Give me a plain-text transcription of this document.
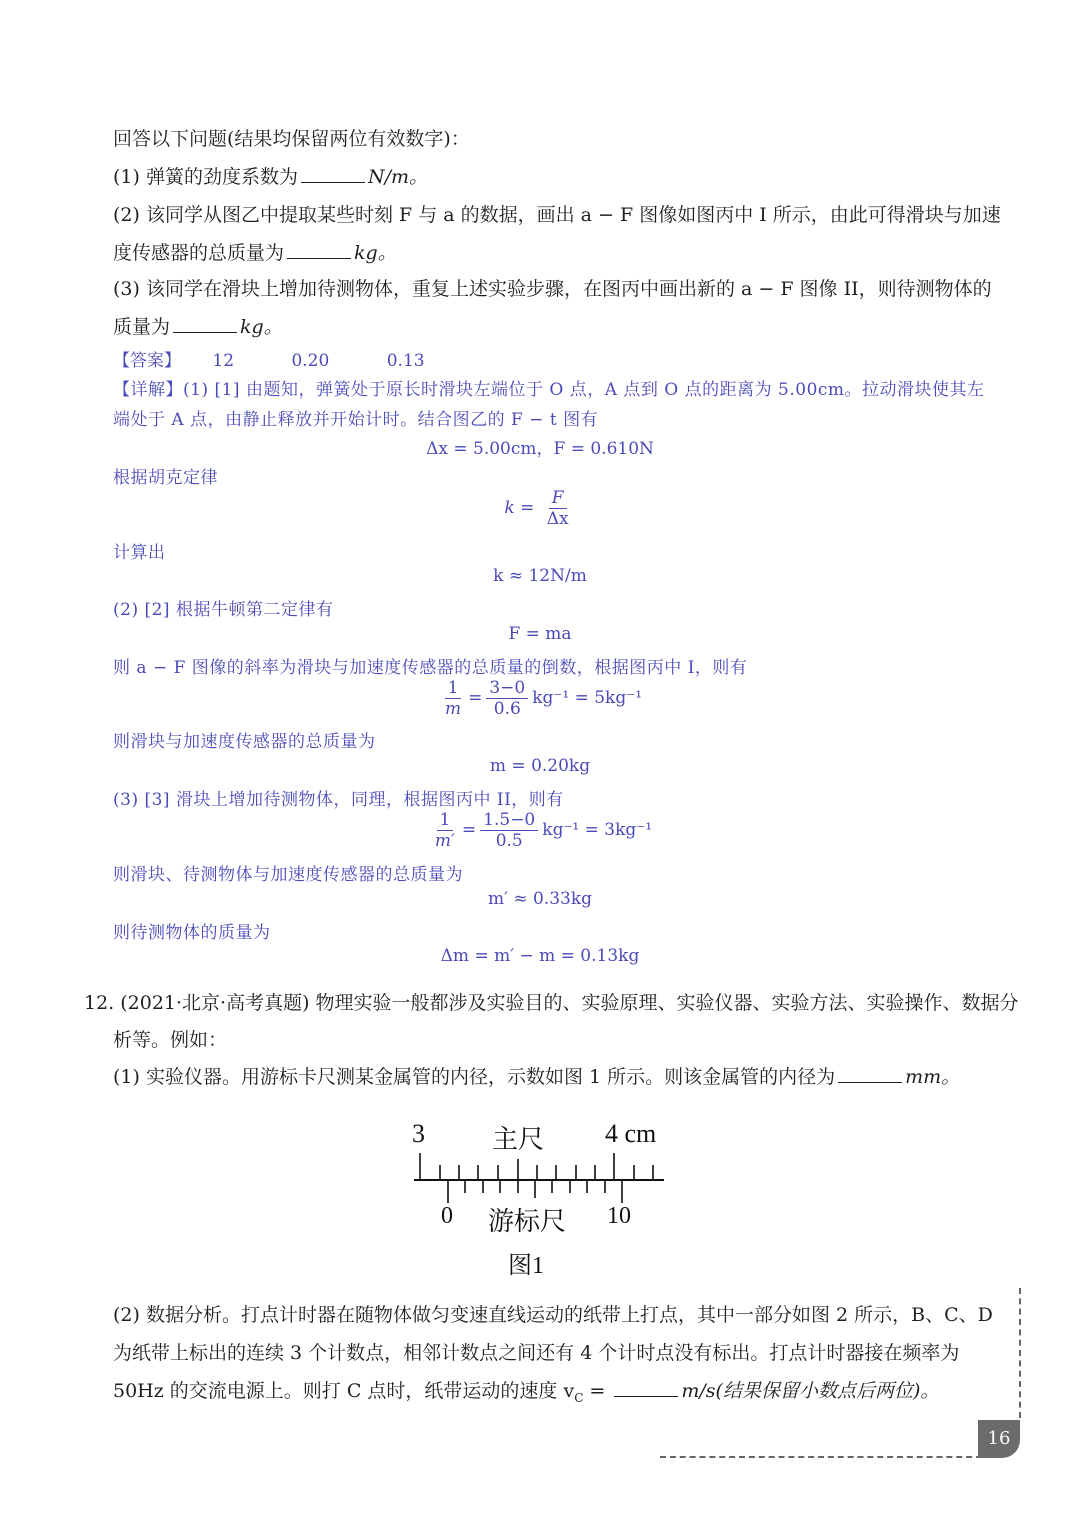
回答以下问题(结果均保留两位有效数字)：
(1) 弹簧的劲度系数为	N/m。
(2) 该同学从图乙中提取某些时刻 F 与 a 的数据，画出 a − F 图像如图丙中 I 所示，由此可得滑块与加速
度传感器的总质量为	kg。
(3) 该同学在滑块上增加待测物体，重复上述实验步骤，在图丙中画出新的 a − F 图像 II，则待测物体的
质量为	kg。
【答案】 12	0.20	0.13
【详解】(1) [1] 由题知，弹簧处于原长时滑块左端位于 O 点，A 点到 O 点的距离为 5.00cm。拉动滑块使其左
端处于 A 点，由静止释放并开始计时。结合图乙的 F − t 图有
Δx = 5.00cm，F = 0.610N
根据胡克定律
$k = \frac{F}{\Delta x}$
计算出
k ≈ 12N/m
(2) [2] 根据牛顿第二定律有
F = ma
则 a − F 图像的斜率为滑块与加速度传感器的总质量的倒数，根据图丙中 I，则有
$\frac{1}{m} = \frac{3-0}{0.6} kg^{-1} = 5kg^{-1}$
则滑块与加速度传感器的总质量为
m = 0.20kg
(3) [3] 滑块上增加待测物体，同理，根据图丙中 II，则有
$\frac{1}{m'} = \frac{1.5-0}{0.5} kg^{-1} = 3kg^{-1}$
则滑块、待测物体与加速度传感器的总质量为
m′ ≈ 0.33kg
则待测物体的质量为
Δm = m′ − m = 0.13kg
12. (2021·北京·高考真题) 物理实验一般都涉及实验目的、实验原理、实验仪器、实验方法、实验操作、数据分
析等。例如：
(1) 实验仪器。用游标卡尺测某金属管的内径，示数如图 1 所示。则该金属管的内径为	mm。
3	主尺 4 cm
0 游标尺 10
图1
(2) 数据分析。打点计时器在随物体做匀变速直线运动的纸带上打点，其中一部分如图 2 所示，B、C、D
为纸带上标出的连续 3 个计数点，相邻计数点之间还有 4 个计时点没有标出。打点计时器接在频率为
50Hz 的交流电源上。则打 C 点时，纸带运动的速度 $v_C$ =	m/s(结果保留小数点后两位)。
16
